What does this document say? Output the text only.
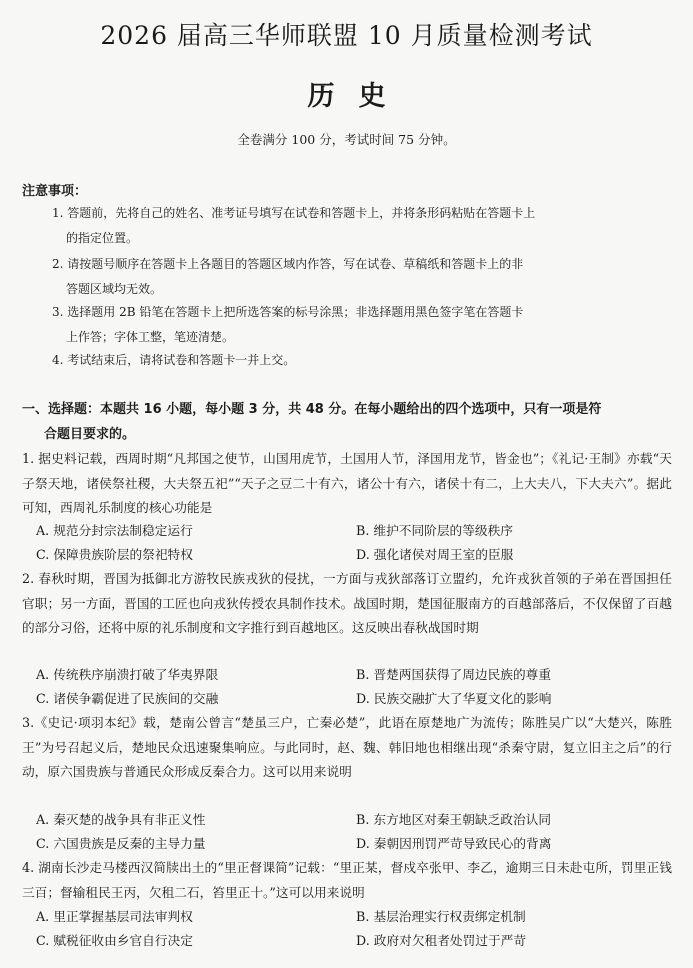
2026 届高三华师联盟 10 月质量检测考试
历史
全卷满分 100 分，考试时间 75 分钟。
注意事项：
1. 答题前，先将自己的姓名、准考证号填写在试卷和答题卡上，并将条形码粘贴在答题卡上
的指定位置。
2. 请按题号顺序在答题卡上各题目的答题区域内作答，写在试卷、草稿纸和答题卡上的非
答题区域均无效。
3. 选择题用 2B 铅笔在答题卡上把所选答案的标号涂黑；非选择题用黑色签字笔在答题卡
上作答；字体工整，笔迹清楚。
4. 考试结束后，请将试卷和答题卡一并上交。
一、选择题：本题共 16 小题，每小题 3 分，共 48 分。在每小题给出的四个选项中，只有一项是符
合题目要求的。
1. 据史料记载，西周时期“凡邦国之使节，山国用虎节，土国用人节，泽国用龙节，皆金也”；《礼记·王制》亦载“天子祭天地，诸侯祭社稷，大夫祭五祀”“天子之豆二十有六，诸公十有六，诸侯十有二，上大夫八，下大夫六”。据此可知，西周礼乐制度的核心功能是
A. 规范分封宗法制稳定运行	B. 维护不同阶层的等级秩序
C. 保障贵族阶层的祭祀特权	D. 强化诸侯对周王室的臣服
2. 春秋时期，晋国为抵御北方游牧民族戎狄的侵扰，一方面与戎狄部落订立盟约，允许戎狄首领的子弟在晋国担任官职；另一方面，晋国的工匠也向戎狄传授农具制作技术。战国时期，楚国征服南方的百越部落后，不仅保留了百越的部分习俗，还将中原的礼乐制度和文字推行到百越地区。这反映出春秋战国时期
A. 传统秩序崩溃打破了华夷界限	B. 晋楚两国获得了周边民族的尊重
C. 诸侯争霸促进了民族间的交融	D. 民族交融扩大了华夏文化的影响
3.《史记·项羽本纪》载，楚南公曾言“楚虽三户，亡秦必楚”，此语在原楚地广为流传；陈胜吴广以“大楚兴，陈胜王”为号召起义后，楚地民众迅速聚集响应。与此同时，赵、魏、韩旧地也相继出现“杀秦守尉，复立旧主之后”的行动，原六国贵族与普通民众形成反秦合力。这可以用来说明
A. 秦灭楚的战争具有非正义性	B. 东方地区对秦王朝缺乏政治认同
C. 六国贵族是反秦的主导力量	D. 秦朝因刑罚严苛导致民心的背离
4. 湖南长沙走马楼西汉简牍出土的“里正督课简”记载：“里正某，督戍卒张甲、李乙，逾期三日未赴屯所，罚里正钱三百；督输租民王丙，欠租二石，笞里正十。”这可以用来说明
A. 里正掌握基层司法审判权	B. 基层治理实行权责绑定机制
C. 赋税征收由乡官自行决定	D. 政府对欠租者处罚过于严苛
